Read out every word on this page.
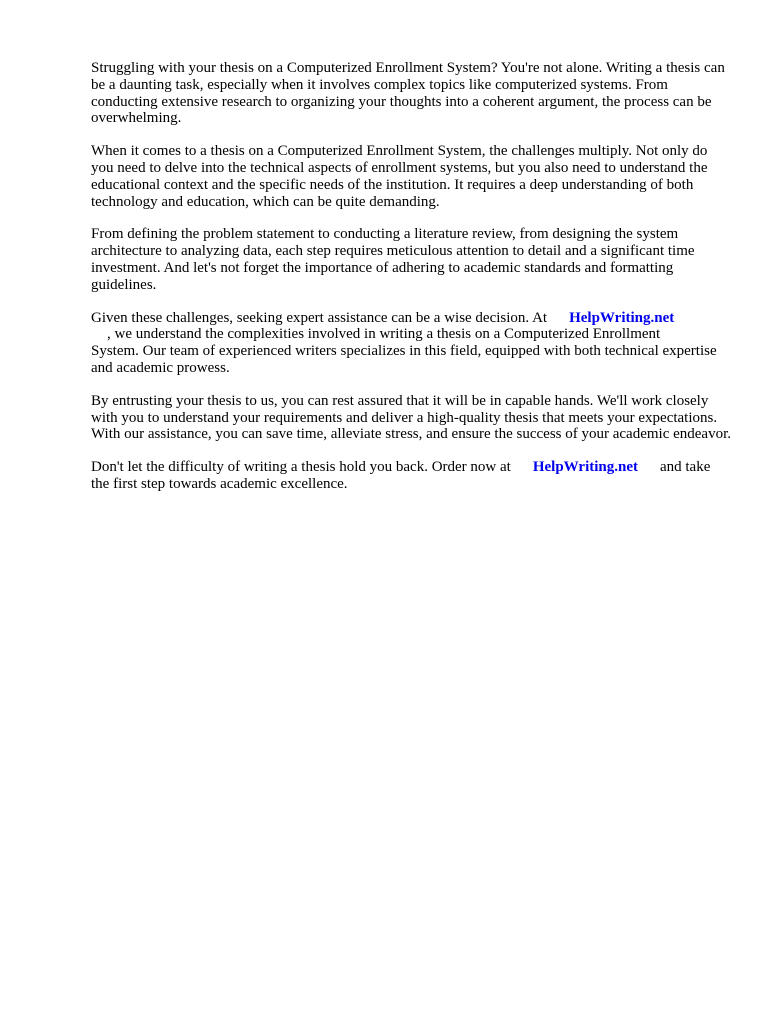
Struggling with your thesis on a Computerized Enrollment System? You're not alone. Writing a thesis can be a daunting task, especially when it involves complex topics like computerized systems. From conducting extensive research to organizing your thoughts into a coherent argument, the process can be overwhelming.

When it comes to a thesis on a Computerized Enrollment System, the challenges multiply. Not only do you need to delve into the technical aspects of enrollment systems, but you also need to understand the educational context and the specific needs of the institution. It requires a deep understanding of both technology and education, which can be quite demanding.

From defining the problem statement to conducting a literature review, from designing the system architecture to analyzing data, each step requires meticulous attention to detail and a significant time investment. And let's not forget the importance of adhering to academic standards and formatting guidelines.

Given these challenges, seeking expert assistance can be a wise decision. At HelpWriting.net
, we understand the complexities involved in writing a thesis on a Computerized Enrollment
System. Our team of experienced writers specializes in this field, equipped with both technical expertise and academic prowess.

By entrusting your thesis to us, you can rest assured that it will be in capable hands. We'll work closely with you to understand your requirements and deliver a high-quality thesis that meets your expectations. With our assistance, you can save time, alleviate stress, and ensure the success of your academic endeavor.

Don't let the difficulty of writing a thesis hold you back. Order now at HelpWriting.net and take the first step towards academic excellence.
